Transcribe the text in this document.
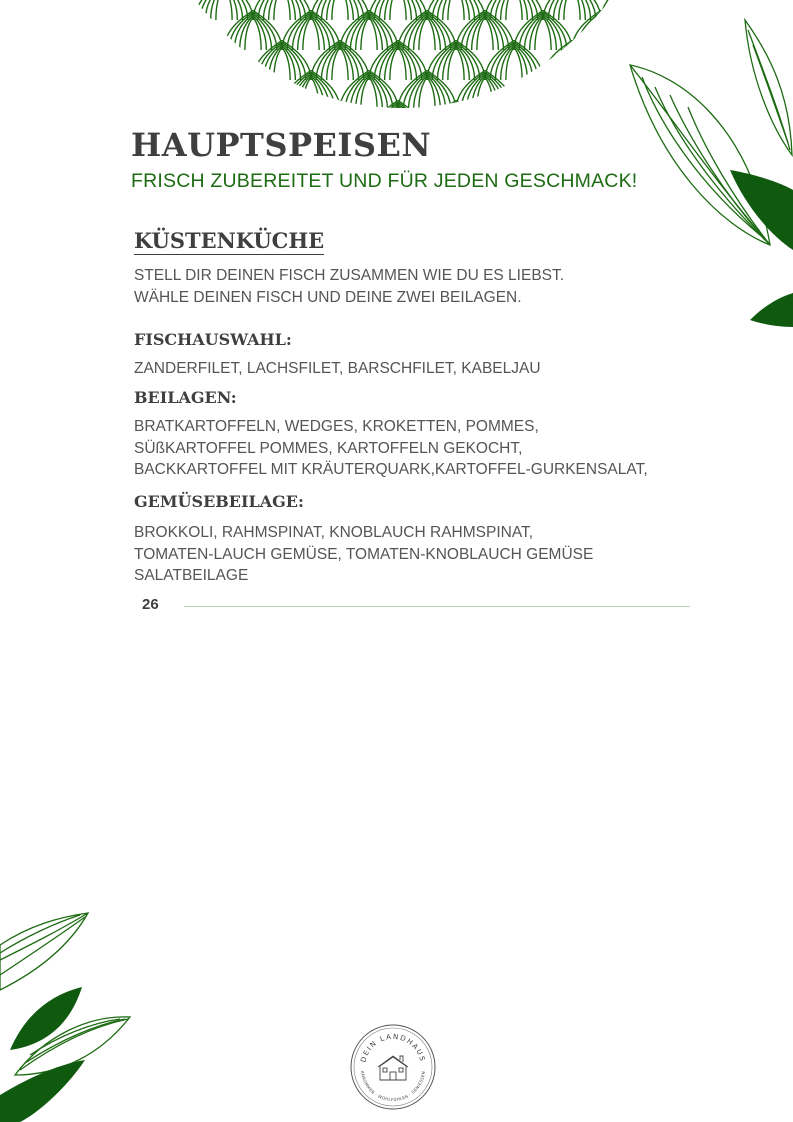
HAUPTSPEISEN

FRISCH ZUBEREITET UND FÜR JEDEN GESCHMACK!

KÜSTENKÜCHE
STELL DIR DEINEN FISCH ZUSAMMEN WIE DU ES LIEBST.
WÄHLE DEINEN FISCH UND DEINE ZWEI BEILAGEN.
FISCHAUSWAHL:
ZANDERFILET, LACHSFILET, BARSCHFILET, KABELJAU
BEILAGEN:
BRATKARTOFFELN, WEDGES, KROKETTEN, POMMES,
SÜßKARTOFFEL POMMES, KARTOFFELN GEKOCHT,
BACKKARTOFFEL MIT KRÄUTERQUARK,KARTOFFEL-GURKENSALAT,
GEMÜSEBEILAGE:
BROKKOLI, RAHMSPINAT, KNOBLAUCH RAHMSPINAT,
TOMATEN-LAUCH GEMÜSE, TOMATEN-KNOBLAUCH GEMÜSE
SALATBEILAGE
26
DEIN LANDHAUS
ANKOMMEN · WOHLFÜHLEN · GENIESSEN
